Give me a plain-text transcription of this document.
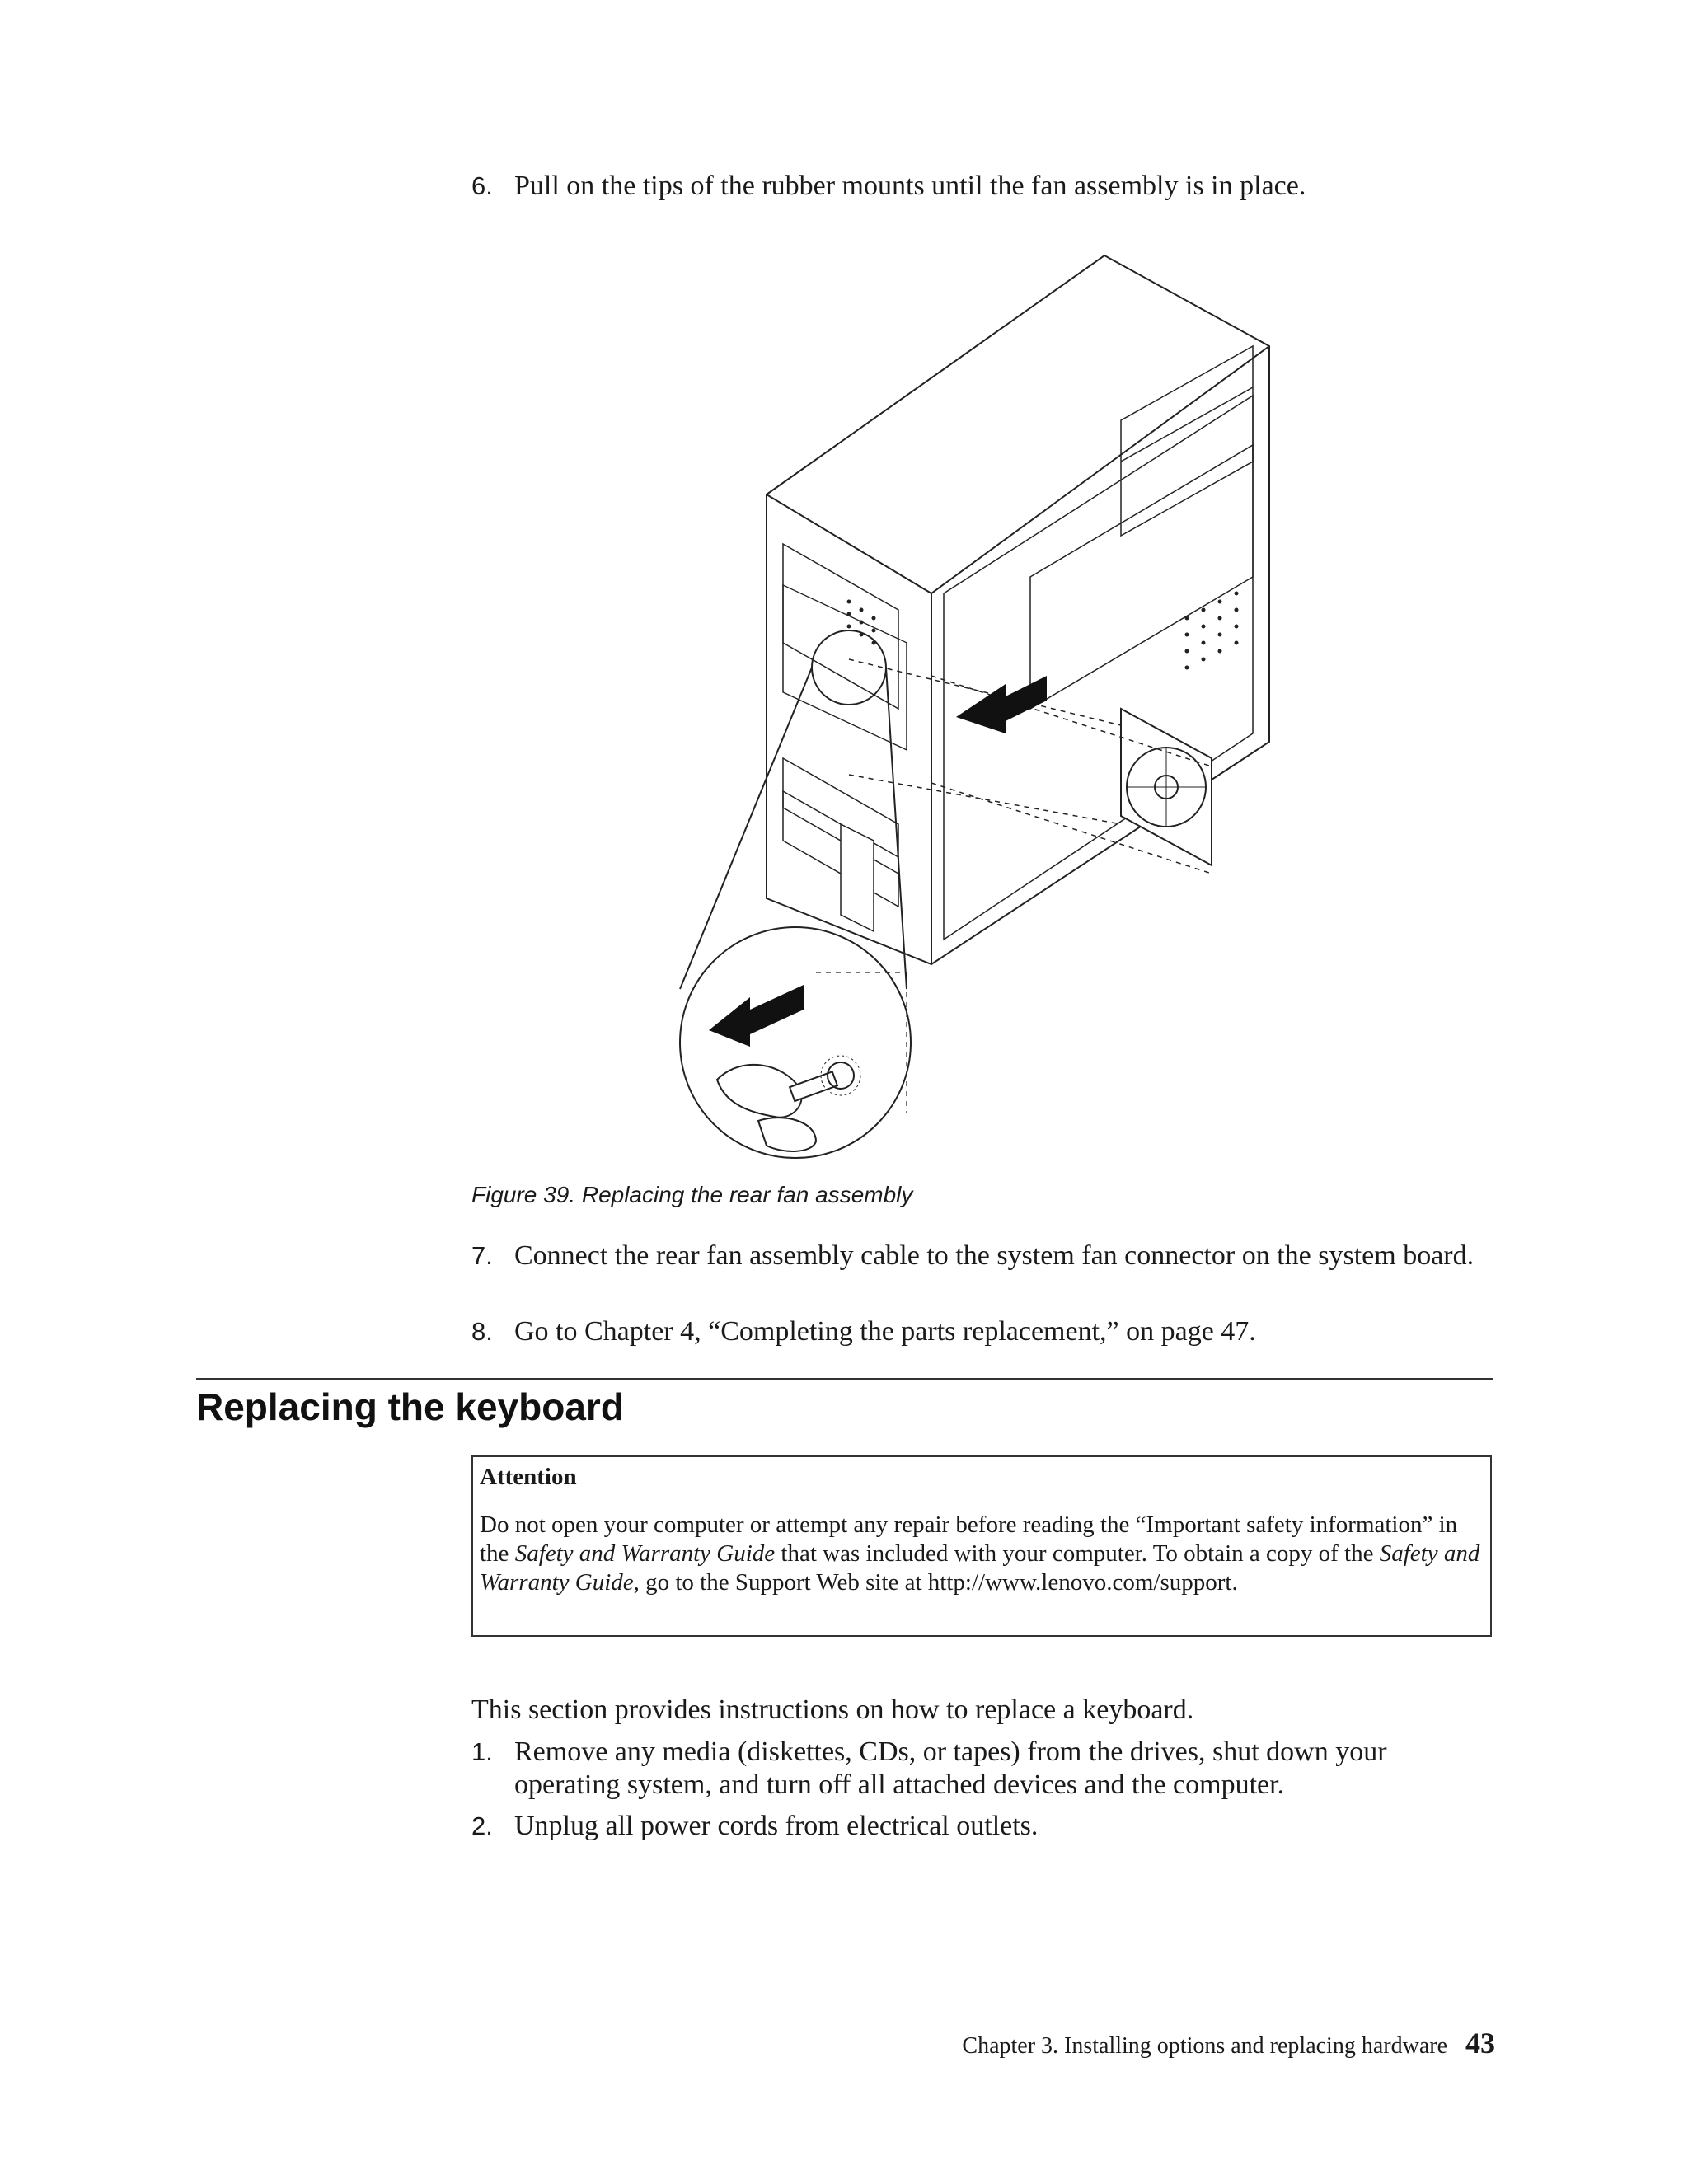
6. Pull on the tips of the rubber mounts until the fan assembly is in place.
Figure 39. Replacing the rear fan assembly
7. Connect the rear fan assembly cable to the system fan connector on the system board.
8. Go to Chapter 4, “Completing the parts replacement,” on page 47.
Replacing the keyboard
Attention
Do not open your computer or attempt any repair before reading the “Important safety information” in the Safety and Warranty Guide that was included with your computer. To obtain a copy of the Safety and Warranty Guide, go to the Support Web site at http://www.lenovo.com/support.
This section provides instructions on how to replace a keyboard.
1. Remove any media (diskettes, CDs, or tapes) from the drives, shut down your operating system, and turn off all attached devices and the computer.
2. Unplug all power cords from electrical outlets.
Chapter 3. Installing options and replacing hardware 43
